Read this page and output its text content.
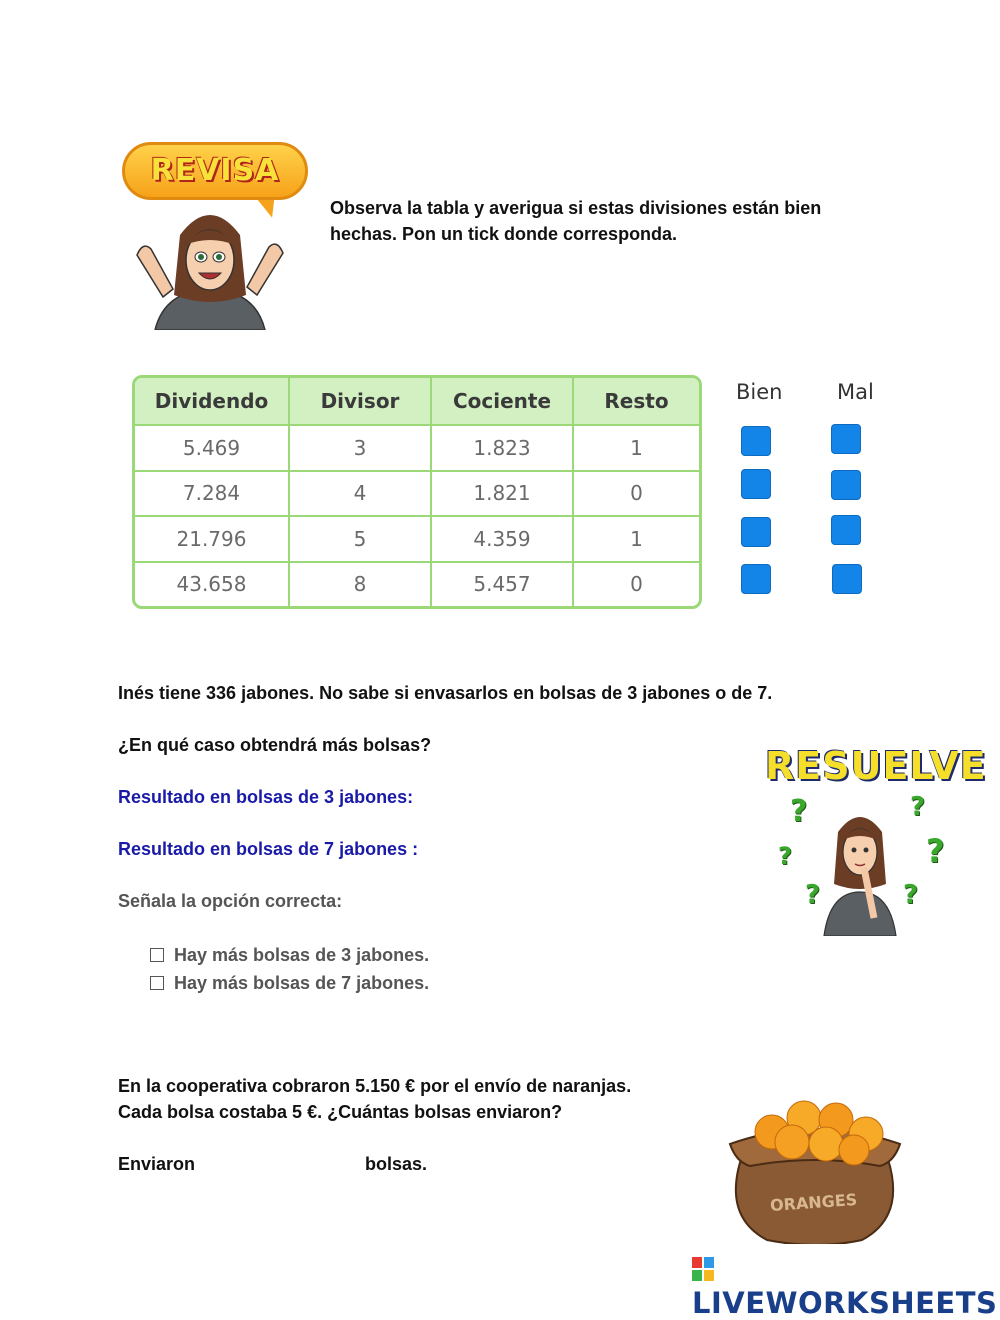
REVISA
Observa la tabla y averigua si estas divisiones están bien
hechas. Pon un tick donde corresponda.
Dividendo	Divisor	Cociente	Resto
5.469	3	1.823	1
7.284	4	1.821	0
21.796	5	4.359	1
43.658	8	5.457	0
Bien	Mal
Inés tiene 336 jabones. No sabe si envasarlos en bolsas de 3 jabones o de 7.
¿En qué caso obtendrá más bolsas?
Resultado en bolsas de 3 jabones:
Resultado en bolsas de 7 jabones :
Señala la opción correcta:
Hay más bolsas de 3 jabones.
Hay más bolsas de 7 jabones.
RESUELVE
?	?
?	?
?	?
En la cooperativa cobraron 5.150 € por el envío de naranjas.
Cada bolsa costaba 5 €. ¿Cuántas bolsas enviaron?
Enviaron	bolsas.
ORANGES
LIVEWORKSHEETS
